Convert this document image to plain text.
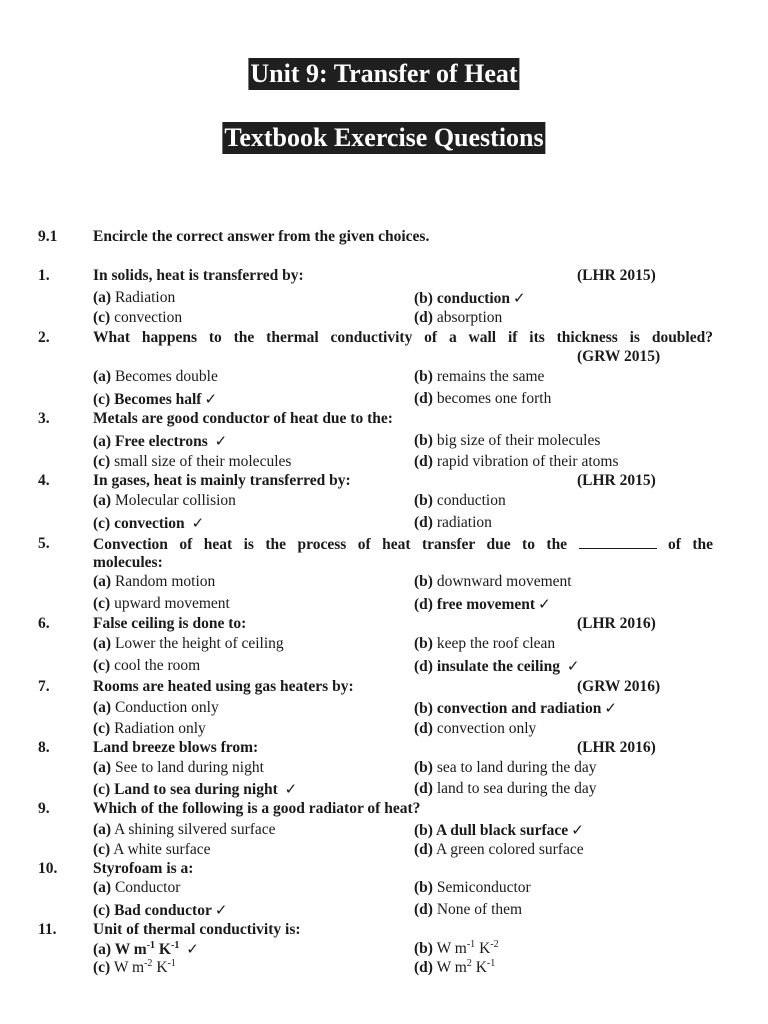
Unit 9: Transfer of Heat
Textbook Exercise Questions
9.1 Encircle the correct answer from the given choices.
1.	In solids, heat is transferred by:	(LHR 2015)
(a) Radiation	(b) conduction ✓
(c) convection	(d) absorption
2.	What happens to the thermal conductivity of a wall if its thickness is doubled?
(GRW 2015)
(a) Becomes double	(b) remains the same
(c) Becomes half ✓	(d) becomes one forth
3.	Metals are good conductor of heat due to the:
(a) Free electrons ✓	(b) big size of their molecules
(c) small size of their molecules	(d) rapid vibration of their atoms
4.	In gases, heat is mainly transferred by:	(LHR 2015)
(a) Molecular collision	(b) conduction
(c) convection ✓	(d) radiation
5.	Convection of heat is the process of heat transfer due to the	of the
molecules:
(a) Random motion	(b) downward movement
(c) upward movement	(d) free movement ✓
6.	False ceiling is done to:	(LHR 2016)
(a) Lower the height of ceiling	(b) keep the roof clean
(c) cool the room	(d) insulate the ceiling ✓
7.	Rooms are heated using gas heaters by:	(GRW 2016)
(a) Conduction only	(b) convection and radiation ✓
(c) Radiation only	(d) convection only
8.	Land breeze blows from:	(LHR 2016)
(a) See to land during night	(b) sea to land during the day
(c) Land to sea during night ✓	(d) land to sea during the day
9.	Which of the following is a good radiator of heat?
(a) A shining silvered surface	(b) A dull black surface ✓
(c) A white surface	(d) A green colored surface
10. Styrofoam is a:
(a) Conductor	(b) Semiconductor
(c) Bad conductor ✓	(d) None of them
11. Unit of thermal conductivity is:
(a) W $m^{-1}$ $K^{-1}$ ✓	(b) W $m^{-1}$ $K^{-2}$
(c) W $m^{-2}$ $K^{-1}$	(d) W $m^2$ $K^{-1}$
